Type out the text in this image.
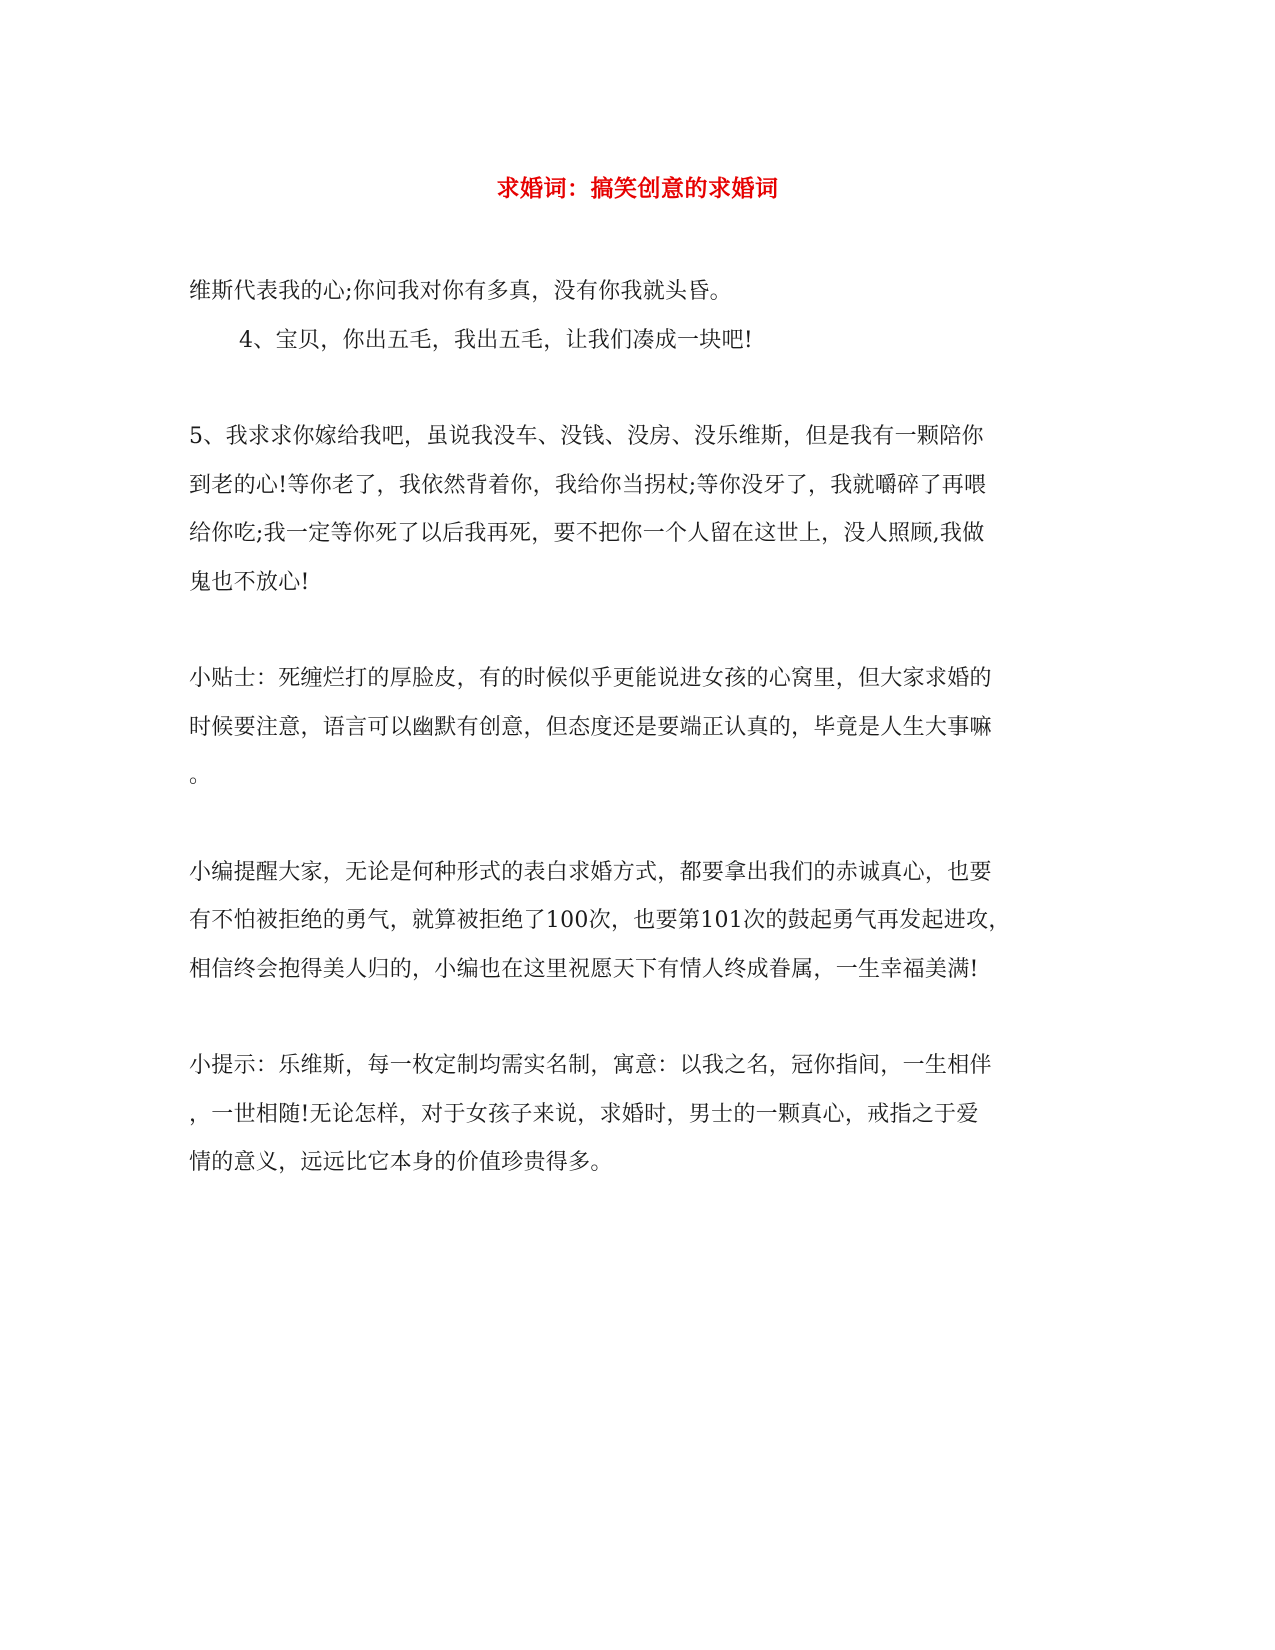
求婚词：搞笑创意的求婚词
维斯代表我的心;你问我对你有多真，没有你我就头昏。
4、宝贝，你出五毛，我出五毛，让我们凑成一块吧!
5、我求求你嫁给我吧，虽说我没车、没钱、没房、没乐维斯，但是我有一颗陪你
到老的心!等你老了，我依然背着你，我给你当拐杖;等你没牙了，我就嚼碎了再喂
给你吃;我一定等你死了以后我再死，要不把你一个人留在这世上，没人照顾,我做
鬼也不放心!
小贴士：死缠烂打的厚脸皮，有的时候似乎更能说进女孩的心窝里，但大家求婚的
时候要注意，语言可以幽默有创意，但态度还是要端正认真的，毕竟是人生大事嘛
。
小编提醒大家，无论是何种形式的表白求婚方式，都要拿出我们的赤诚真心，也要
有不怕被拒绝的勇气，就算被拒绝了100次，也要第101次的鼓起勇气再发起进攻，
相信终会抱得美人归的，小编也在这里祝愿天下有情人终成眷属，一生幸福美满!
小提示：乐维斯，每一枚定制均需实名制，寓意：以我之名，冠你指间，一生相伴
，一世相随!无论怎样，对于女孩子来说，求婚时，男士的一颗真心，戒指之于爱
情的意义，远远比它本身的价值珍贵得多。
